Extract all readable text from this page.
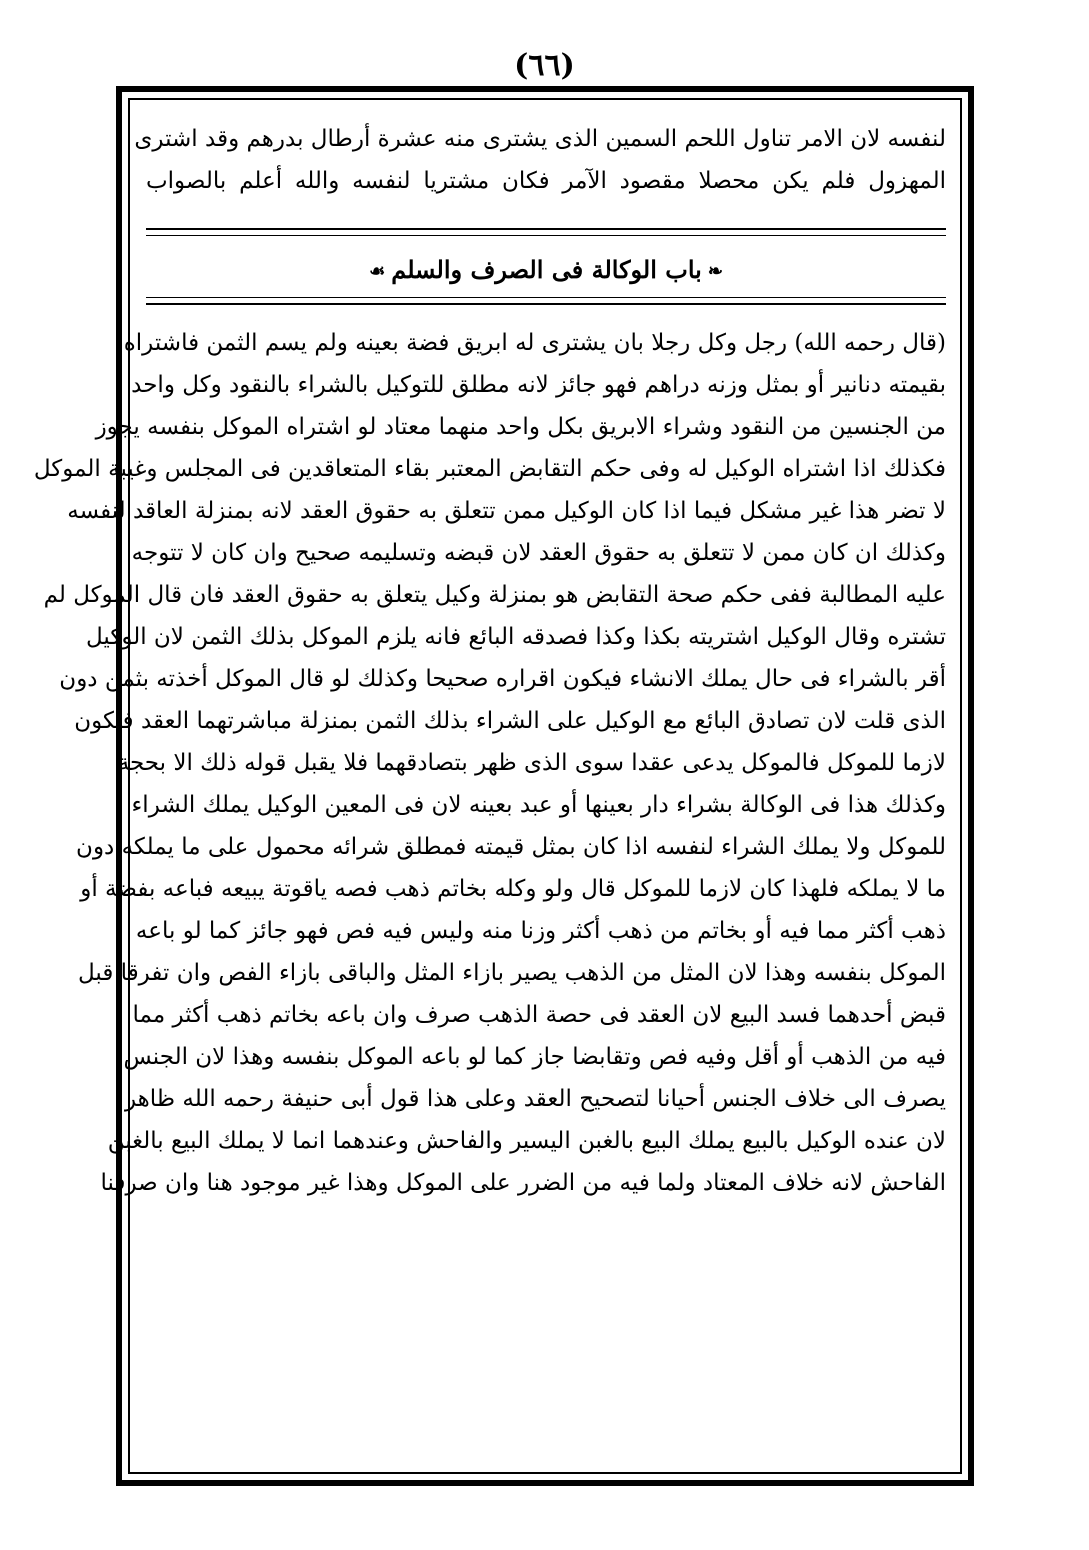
(٦٦)
لنفسه لان الامر تناول اللحم السمين الذى يشترى منه عشرة أرطال بدرهم وقد اشترى
المهزول فلم يكن محصلا مقصود الآمر فكان مشتريا لنفسه والله أعلم بالصواب
❧باب الوكالة فى الصرف والسلم☙
(قال رحمه الله) رجل وكل رجلا بان يشترى له ابريق فضة بعينه ولم يسم الثمن فاشتراه
بقيمته دنانير أو بمثل وزنه دراهم فهو جائز لانه مطلق للتوكيل بالشراء بالنقود وكل واحد
من الجنسين من النقود وشراء الابريق بكل واحد منهما معتاد لو اشتراه الموكل بنفسه يجوز
فكذلك اذا اشتراه الوكيل له وفى حكم التقابض المعتبر بقاء المتعاقدين فى المجلس وغيبة الموكل
لا تضر هذا غير مشكل فيما اذا كان الوكيل ممن تتعلق به حقوق العقد لانه بمنزلة العاقد لنفسه
وكذلك ان كان ممن لا تتعلق به حقوق العقد لان قبضه وتسليمه صحيح وان كان لا تتوجه
عليه المطالبة ففى حكم صحة التقابض هو بمنزلة وكيل يتعلق به حقوق العقد فان قال الموكل لم
تشتره وقال الوكيل اشتريته بكذا وكذا فصدقه البائع فانه يلزم الموكل بذلك الثمن لان الوكيل
أقر بالشراء فى حال يملك الانشاء فيكون اقراره صحيحا وكذلك لو قال الموكل أخذته بثمن دون
الذى قلت لان تصادق البائع مع الوكيل على الشراء بذلك الثمن بمنزلة مباشرتهما العقد فيكون
لازما للموكل فالموكل يدعى عقدا سوى الذى ظهر بتصادقهما فلا يقبل قوله ذلك الا بحجة
وكذلك هذا فى الوكالة بشراء دار بعينها أو عبد بعينه لان فى المعين الوكيل يملك الشراء
للموكل ولا يملك الشراء لنفسه اذا كان بمثل قيمته فمطلق شرائه محمول على ما يملكه دون
ما لا يملكه فلهذا كان لازما للموكل قال ولو وكله بخاتم ذهب فصه ياقوتة يبيعه فباعه بفضة أو
ذهب أكثر مما فيه أو بخاتم من ذهب أكثر وزنا منه وليس فيه فص فهو جائز كما لو باعه
الموكل بنفسه وهذا لان المثل من الذهب يصير بازاء المثل والباقى بازاء الفص وان تفرقا قبل
قبض أحدهما فسد البيع لان العقد فى حصة الذهب صرف وان باعه بخاتم ذهب أكثر مما
فيه من الذهب أو أقل وفيه فص وتقابضا جاز كما لو باعه الموكل بنفسه وهذا لان الجنس
يصرف الى خلاف الجنس أحيانا لتصحيح العقد وعلى هذا قول أبى حنيفة رحمه الله ظاهر
لان عنده الوكيل بالبيع يملك البيع بالغبن اليسير والفاحش وعندهما انما لا يملك البيع بالغبن
الفاحش لانه خلاف المعتاد ولما فيه من الضرر على الموكل وهذا غير موجود هنا وان صرفنا
